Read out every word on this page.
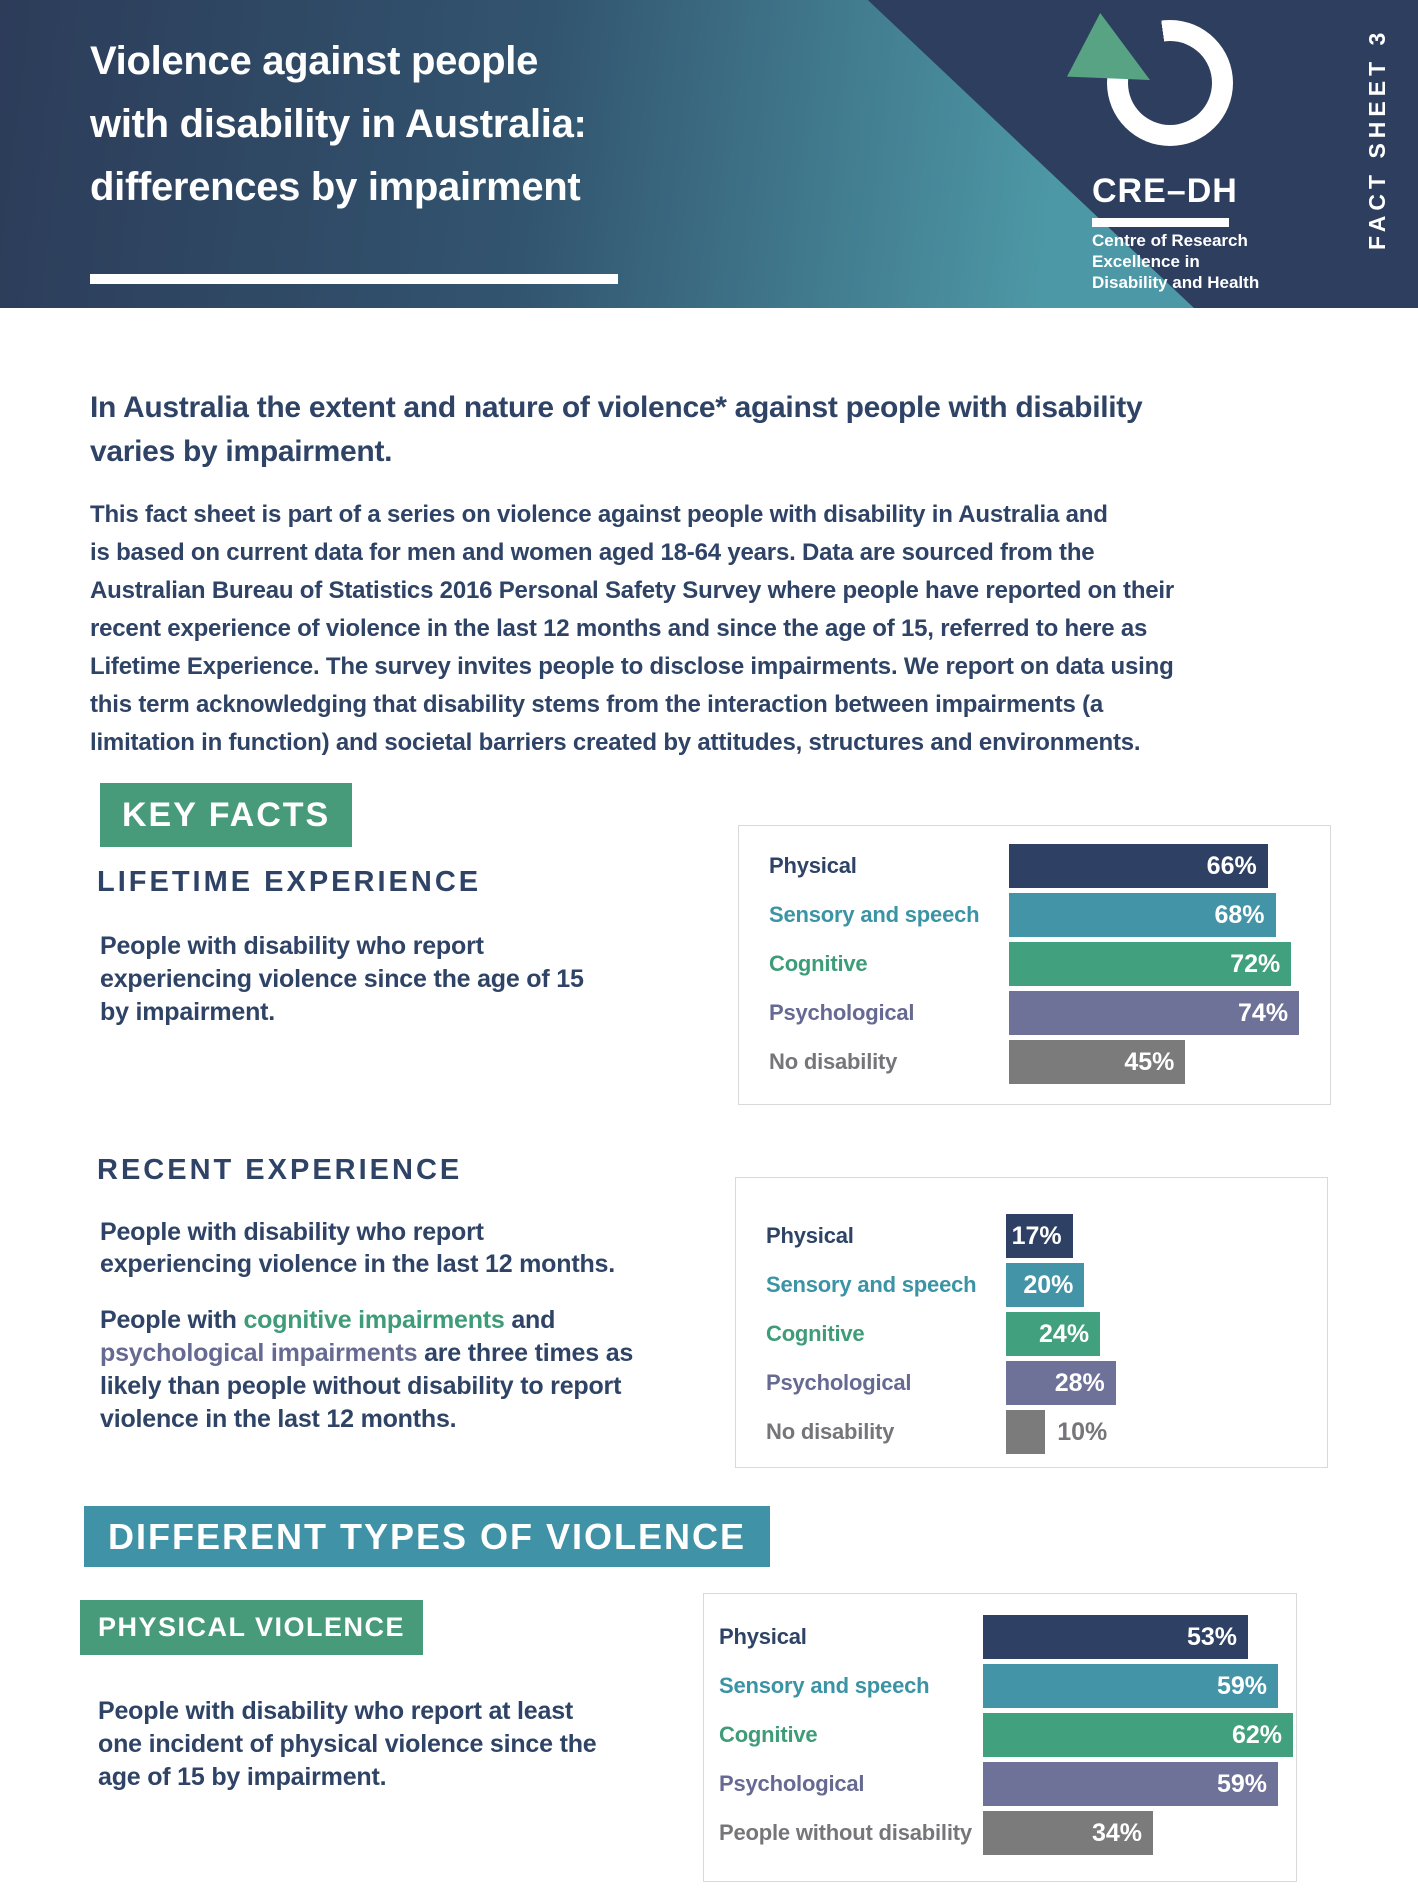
Violence against people
with disability in Australia:
differences by impairment	CRE–DH
Centre of Research
Excellence in
Disability and Health
FACT SHEET 3
In Australia the extent and nature of violence* against people with disability
varies by impairment.
This fact sheet is part of a series on violence against people with disability in Australia and
is based on current data for men and women aged 18-64 years. Data are sourced from the
Australian Bureau of Statistics 2016 Personal Safety Survey where people have reported on their
recent experience of violence in the last 12 months and since the age of 15, referred to here as
Lifetime Experience. The survey invites people to disclose impairments. We report on data using
this term acknowledging that disability stems from the interaction between impairments (a
limitation in function) and societal barriers created by attitudes, structures and environments.
KEY FACTS
LIFETIME EXPERIENCE
People with disability who report
experiencing violence since the age of 15
by impairment.
Physical	66%
Sensory and speech	68%
Cognitive	72%
Psychological	74%
No disability	45%
RECENT EXPERIENCE
People with disability who report
experiencing violence in the last 12 months.
People with cognitive impairments and
psychological impairments are three times as
likely than people without disability to report
violence in the last 12 months.
Physical	17%
Sensory and speech	20%
Cognitive	24%
Psychological	28%
No disability	10%
DIFFERENT TYPES OF VIOLENCE
PHYSICAL VIOLENCE
People with disability who report at least
one incident of physical violence since the
age of 15 by impairment.
Physical	53%
Sensory and speech	59%
Cognitive	62%
Psychological	59%
People without disability	34%
